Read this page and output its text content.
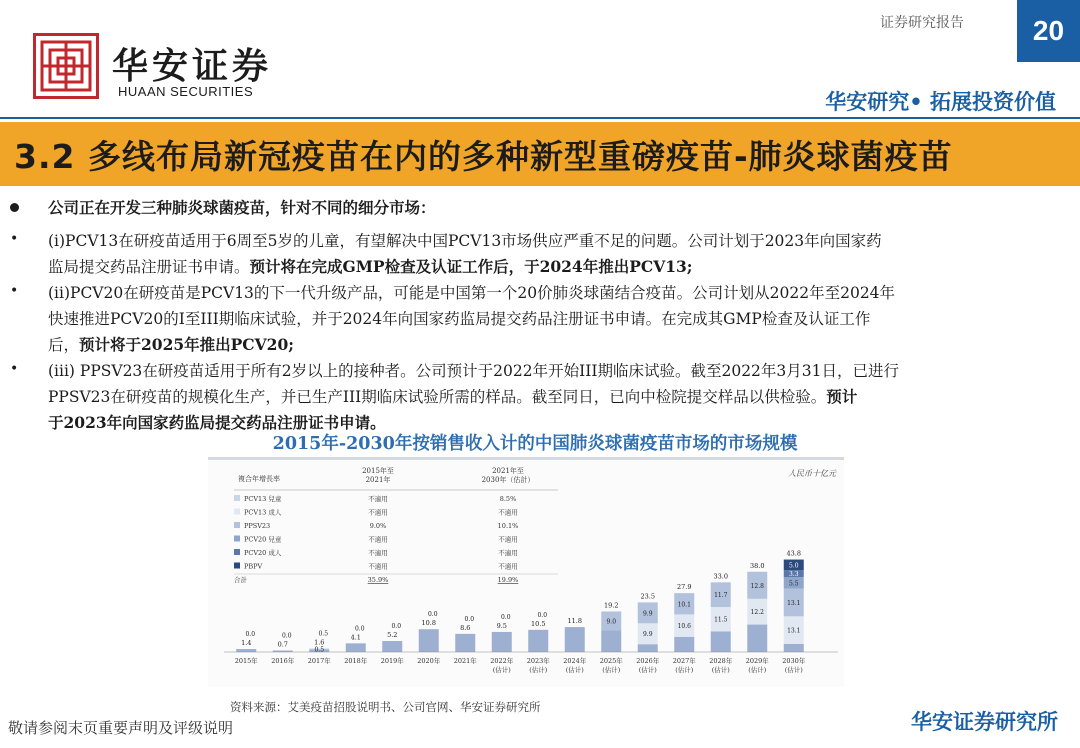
华安证券
HUAAN SECURITIES
证券研究报告	20
华安研究• 拓展投资价值
3.2 多线布局新冠疫苗在内的多种新型重磅疫苗-肺炎球菌疫苗
公司正在开发三种肺炎球菌疫苗，针对不同的细分市场：
• (i)PCV13在研疫苗适用于6周至5岁的儿童，有望解决中国PCV13市场供应严重不足的问题。公司计划于2023年向国家药
监局提交药品注册证书申请。预计将在完成GMP检查及认证工作后，于2024年推出PCV13;
• (ii)PCV20在研疫苗是PCV13的下一代升级产品，可能是中国第一个20价肺炎球菌结合疫苗。公司计划从2022年至2024年
快速推进PCV20的I至III期临床试验，并于2024年向国家药监局提交药品注册证书申请。在完成其GMP检查及认证工作
后，预计将于2025年推出PCV20;
• (iii) PPSV23在研疫苗适用于所有2岁以上的接种者。公司预计于2022年开始III期临床试验。截至2022年3月31日，已进行
PPSV23在研疫苗的规模化生产，并已生产III期临床试验所需的样品。截至同日，已向中检院提交样品以供检验。预计
于2023年向国家药监局提交药品注册证书申请。
2015年-2030年按销售收入计的中国肺炎球菌疫苗市场的市场规模
人民币十亿元
複合年增長率
2015年至
2021年
2021年至
2030年（估計）
PCV13 兒童	不適用	8.5%
PCV13 成人	不適用	不適用
PPSV23	9.0%	10.1%
PCV20 兒童	不適用	不適用
PCV20 成人	不適用	不適用
PBPV	不適用	不適用
合計	35.9%	19.9%
1.4
0.0
2015年
0.7
0.0
2016年
0.5
1.6
0.5
2017年
4.1
0.0
2018年
5.2
0.0
2019年
10.8
0.0
2020年
8.6
0.0
2021年
9.5
0.0
2022年
(估计)
10.5
0.0
2023年
(估计)
11.8
2024年
(估计)
9.0
19.2
2025年
(估计)
9.9
9.9
23.5
2026年
(估计)
10.6
10.1
27.9
2027年
(估计)
11.5
11.7
33.0
2028年
(估计)
12.2
12.8
38.0
2029年
(估计)
13.1
13.1
5.5
3.3
5.0
43.8
2030年
(估计)
资料来源：艾美疫苗招股说明书、公司官网、华安证券研究所
敬请参阅末页重要声明及评级说明	华安证券研究所
